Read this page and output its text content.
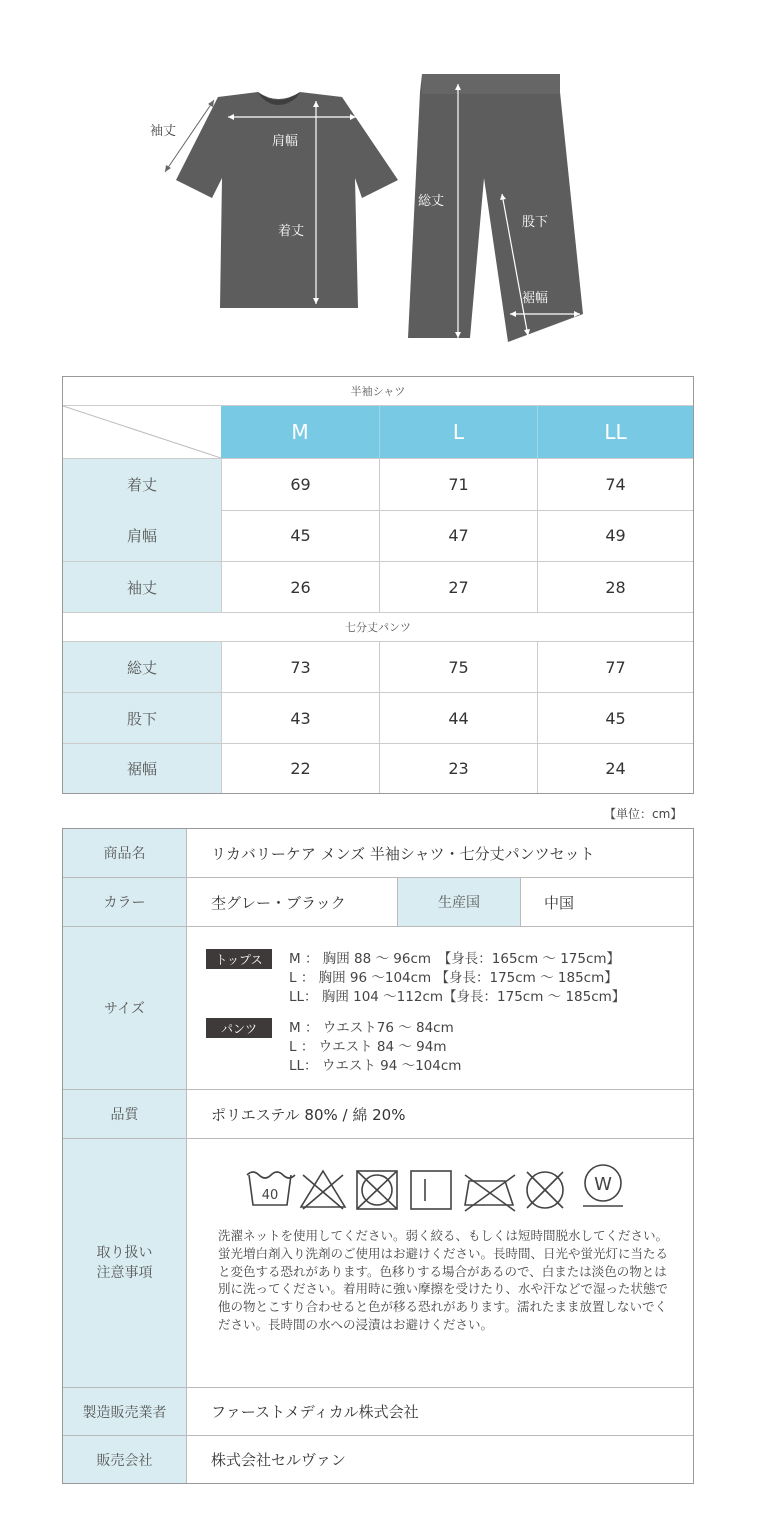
袖丈
肩幅
着丈
総丈
股下
裾幅
半袖シャツ
M	L	LL
着丈	69	71	74
肩幅	45	47	49
袖丈	26	27	28
七分丈パンツ
総丈	73	75	77
股下	43	44	45
裾幅	22	23	24
【単位：cm】
商品名	リカバリーケア メンズ 半袖シャツ・七分丈パンツセット
カラー	杢グレー・ブラック	生産国	中国
サイズ
トップス	M ： 胸囲 88 ～ 96cm　【身長：165cm ～ 175cm】
L ： 胸囲 96 ～104cm 【身長：175cm ～ 185cm】
LL： 胸囲 104 ～112cm【身長：175cm ～ 185cm】
パンツ	M ： ウエスト76 ～ 84cm
L ： ウエスト 84 ～ 94m
LL： ウエスト 94 ～104cm
品質	ポリエステル 80% / 綿 20%
取り扱い
注意事項
40
W
洗濯ネットを使用してください。弱く絞る、もしくは短時間脱水してください。蛍光増白剤入り洗剤のご使用はお避けください。長時間、日光や蛍光灯に当たると変色する恐れがあります。色移りする場合があるので、白または淡色の物とは別に洗ってください。着用時に強い摩擦を受けたり、水や汗などで湿った状態で他の物とこすり合わせると色が移る恐れがあります。濡れたまま放置しないでください。長時間の水への浸漬はお避けください。
製造販売業者	ファーストメディカル株式会社
販売会社	株式会社セルヴァン
